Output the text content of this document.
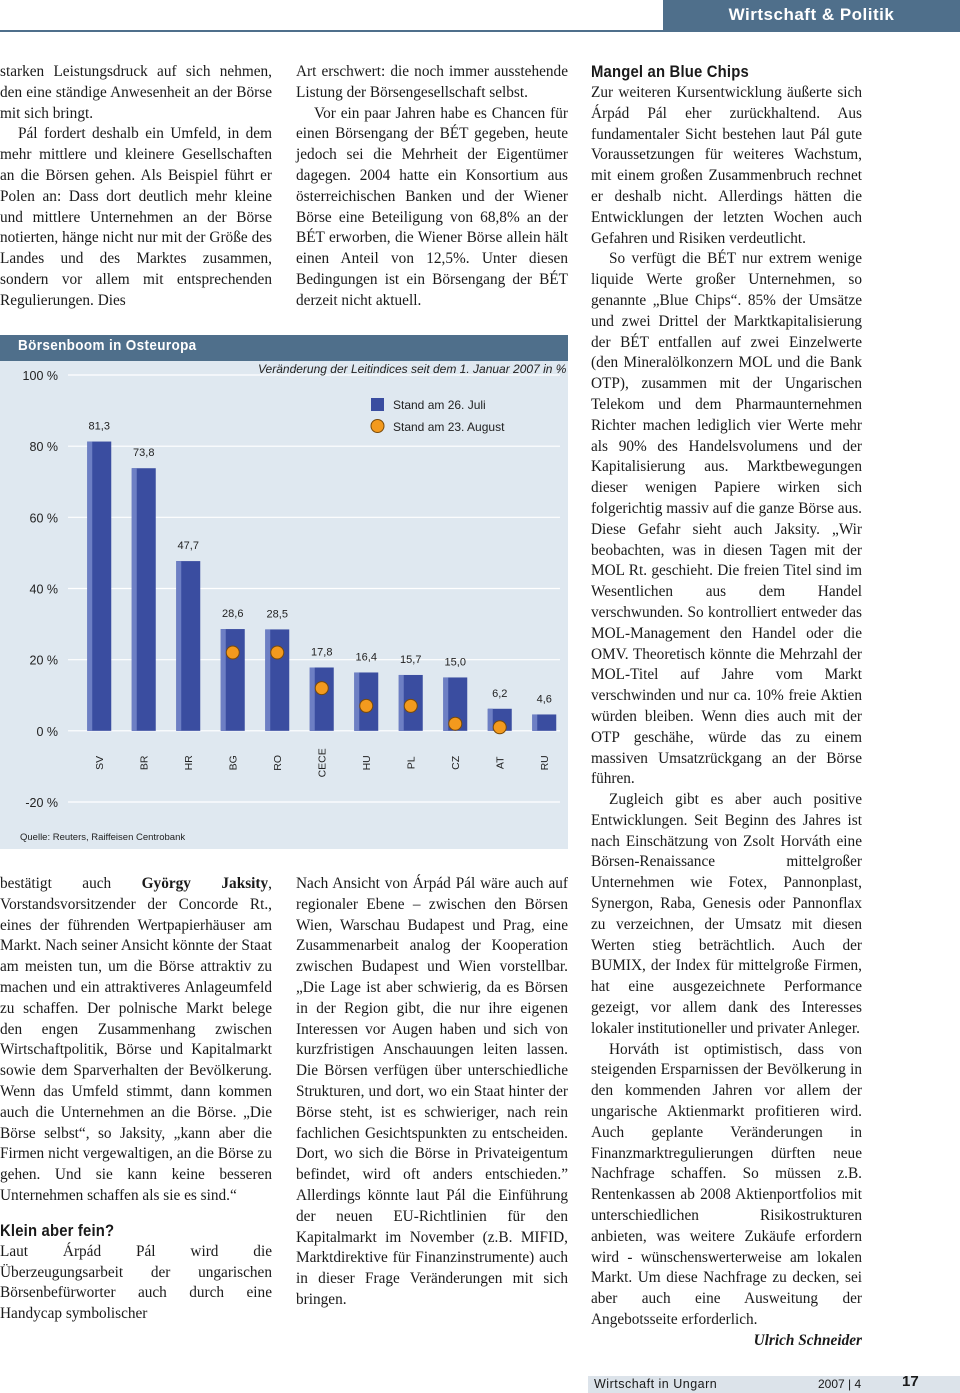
Wirtschaft & Politik

starken Leistungsdruck auf sich nehmen, den eine ständige Anwesenheit an der Börse mit sich bringt.

Pál fordert deshalb ein Umfeld, in dem mehr mittlere und kleinere Gesellschaften an die Börsen gehen. Als Beispiel führt er Polen an: Dass dort deutlich mehr kleine und mittlere Unternehmen an der Börse notierten, hänge nicht nur mit der Größe des Landes und des Marktes zusammen, sondern vor allem mit entsprechenden Regulierungen. Dies

Art erschwert: die noch immer ausstehende Listung der Börsengesellschaft selbst.

Vor ein paar Jahren habe es Chancen für einen Börsengang der BÉT gegeben, heute jedoch sei die Mehrheit der Eigentümer dagegen. 2004 hatte ein Konsortium aus österreichischen Banken und der Wiener Börse eine Beteiligung von 68,8% an der BÉT erworben, die Wiener Börse allein hält einen Anteil von 12,5%. Unter diesen Bedingungen ist ein Börsengang der BÉT derzeit nicht aktuell.

100 %
80 %
60 %
40 %
20 %
0 %
-20 %
Veränderung der Leitindices seit dem 1. Januar 2007 in %
81,3
SV
73,8
BR
47,7
HR
28,6
BG
28,5
RO
17,8
CECE
16,4
HU
15,7
PL
15,0
CZ
6,2
AT
4,6
RU
Stand am 26. Juli
Stand am 23. August
Quelle: Reuters, Raiffeisen Centrobank
Börsenboom in Osteuropa

bestätigt auch György Jaksity, Vorstandsvorsitzender der Concorde Rt., eines der führenden Wertpapierhäuser am Markt. Nach seiner Ansicht könnte der Staat am meisten tun, um die Börse attraktiv zu machen und ein attraktiveres Anlageumfeld zu schaffen. Der polnische Markt belege den engen Zusammenhang zwischen Wirtschaftpolitik, Börse und Kapitalmarkt sowie dem Sparverhalten der Bevölkerung. Wenn das Umfeld stimmt, dann kommen auch die Unternehmen an die Börse. „Die Börse selbst“, so Jaksity, „kann aber die Firmen nicht vergewaltigen, an die Börse zu gehen. Und sie kann keine besseren Unternehmen schaffen als sie es sind.“

Klein aber fein?

Laut Árpád Pál wird die Überzeugungsarbeit der ungarischen Börsenbefürworter auch durch eine Handycap symbolischer

Nach Ansicht von Árpád Pál wäre auch auf regionaler Ebene – zwischen den Börsen Wien, Warschau Budapest und Prag, eine Zusammenarbeit analog der Kooperation zwischen Budapest und Wien vorstellbar. „Die Lage ist aber schwierig, da es Börsen in der Region gibt, die nur ihre eigenen Interessen vor Augen haben und sich von kurzfristigen Anschauungen leiten lassen. Die Börsen verfügen über unterschiedliche Strukturen, und dort, wo ein Staat hinter der Börse steht, ist es schwieriger, nach rein fachlichen Gesichtspunkten zu entscheiden. Dort, wo sich die Börse in Privateigentum befindet, wird oft anders entschieden.” Allerdings könnte laut Pál die Einführung der neuen EU-Richtlinien für den Kapitalmarkt im November (z.B. MIFID, Marktdirektive für Finanzinstrumente) auch in dieser Frage Veränderungen mit sich bringen.

Mangel an Blue Chips

Zur weiteren Kursentwicklung äußerte sich Árpád Pál eher zurückhaltend. Aus fundamentaler Sicht bestehen laut Pál gute Voraussetzungen für weiteres Wachstum, mit einem großen Zusammenbruch rechnet er deshalb nicht. Allerdings hätten die Entwicklungen der letzten Wochen auch Gefahren und Risiken verdeutlicht.

So verfügt die BÉT nur extrem wenige liquide Werte großer Unternehmen, so genannte „Blue Chips“. 85% der Umsätze und zwei Drittel der Marktkapitalisierung der BÉT entfallen auf zwei Einzelwerte (den Mineralölkonzern MOL und die Bank OTP), zusammen mit der Ungarischen Telekom und dem Pharmaunternehmen Richter machen lediglich vier Werte mehr als 90% des Handelsvolumens und der Kapitalisierung aus. Marktbewegungen dieser wenigen Papiere wirken sich folgerichtig massiv auf die ganze Börse aus. Diese Gefahr sieht auch Jaksity. „Wir beobachten, was in diesen Tagen mit der MOL Rt. geschieht. Die freien Titel sind im Wesentlichen aus dem Handel verschwunden. So kontrolliert entweder das MOL-Management den Handel oder die OMV. Theoretisch könnte die Mehrzahl der MOL-Titel auf Jahre vom Markt verschwinden und nur ca. 10% freie Aktien würden bleiben. Wenn dies auch mit der OTP geschähe, würde das zu einem massiven Umsatzrückgang an der Börse führen.

Zugleich gibt es aber auch positive Entwicklungen. Seit Beginn des Jahres ist nach Einschätzung von Zsolt Horváth eine Börsen-Renaissance mittelgroßer Unternehmen wie Fotex, Pannonplast, Synergon, Raba, Genesis oder Pannonflax zu verzeichnen, der Umsatz mit diesen Werten stieg beträchtlich. Auch der BUMIX, der Index für mittelgroße Firmen, hat eine ausgezeichnete Performance gezeigt, vor allem dank des Interesses lokaler institutioneller und privater Anleger.

Horváth ist optimistisch, dass von steigenden Ersparnissen der Bevölkerung in den kommenden Jahren vor allem der ungarische Aktienmarkt profitieren wird. Auch geplante Veränderungen in Finanzmarktregulierungen dürften neue Nachfrage schaffen. So müssen z.B. Rentenkassen ab 2008 Aktienportfolios mit unterschiedlichen Risikostrukturen anbieten, was weitere Zukäufe erfordern wird - wünschenswerterweise am lokalen Markt. Um diese Nachfrage zu decken, sei aber auch eine Ausweitung der Angebotsseite erforderlich.

Ulrich Schneider

Wirtschaft in Ungarn	2007 | 4	17
